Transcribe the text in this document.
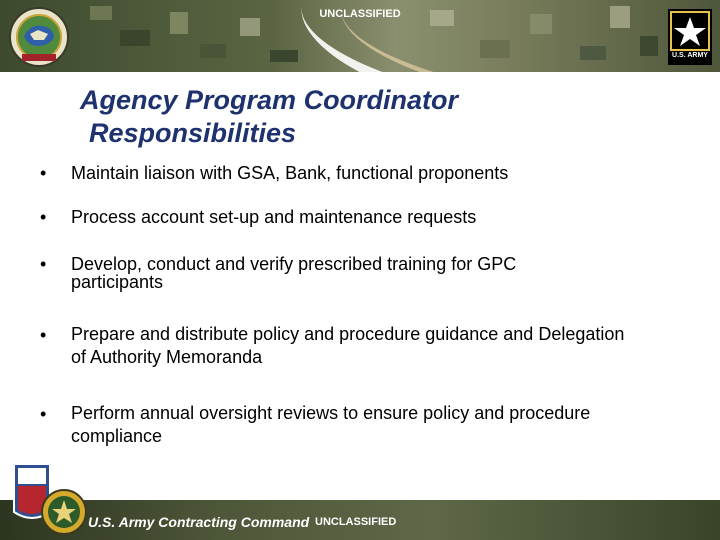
UNCLASSIFIED
U.S. ARMY
Agency Program Coordinator
Responsibilities
•	Maintain liaison with GSA, Bank, functional proponents
•	Process account set-up and maintenance requests
•	Develop, conduct and verify prescribed training for GPC participants
•	Prepare and distribute policy and procedure guidance and Delegation of Authority Memoranda
•	Perform annual oversight reviews to ensure policy and procedure compliance
U.S. Army Contracting Command UNCLASSIFIED
